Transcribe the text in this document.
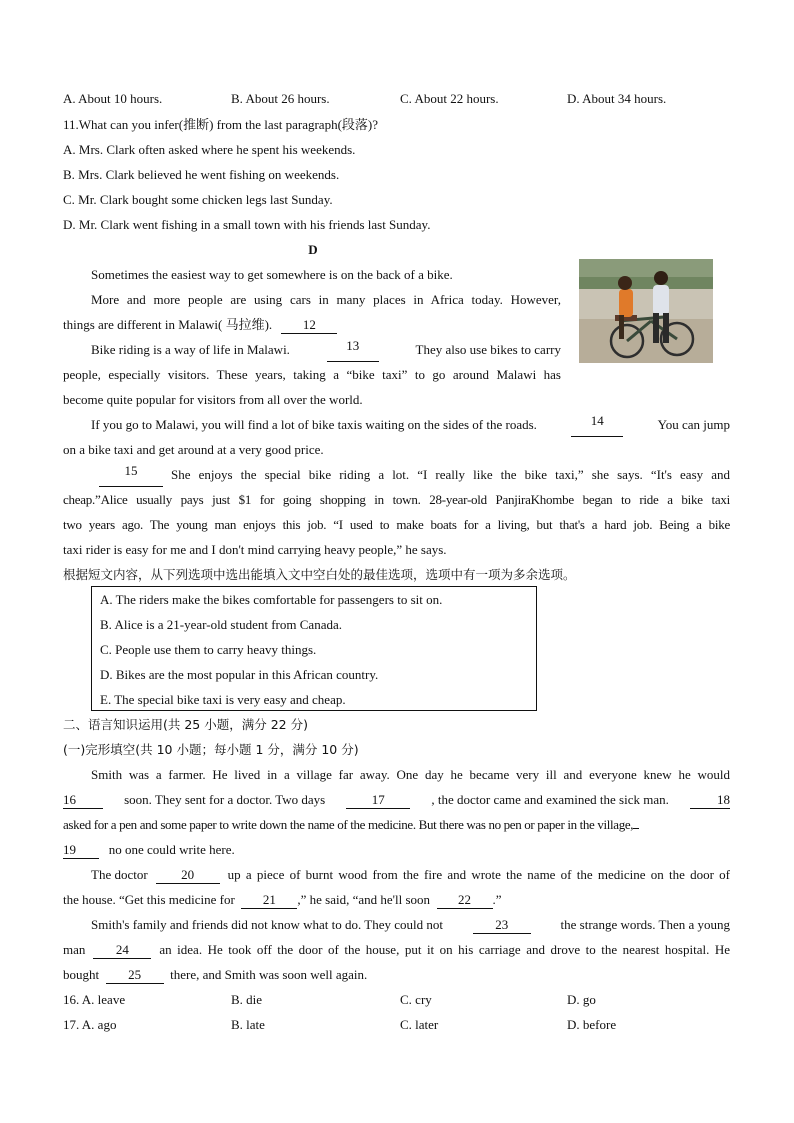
A. About 10 hours.	B. About 26 hours.	C. About 22 hours.	D. About 34 hours.
11.What can you infer(推断) from the last paragraph(段落)?
A. Mrs. Clark often asked where he spent his weekends.
B. Mrs. Clark believed he went fishing on weekends.
C. Mr. Clark bought some chicken legs last Sunday.
D. Mr. Clark went fishing in a small town with his friends last Sunday.
D
Sometimes the easiest way to get somewhere is on the back of a bike.
More and more people are using cars in many places in Africa today. However,
things are different in Malawi( 马拉维). 12
Bike riding is a way of life in Malawi.	13	They also use bikes to carry
people, especially visitors. These years, taking a “bike taxi” to go around Malawi has
become quite popular for visitors from all over the world.
If you go to Malawi, you will find a lot of bike taxis waiting on the sides of the roads.	14	You can jump
on a bike taxi and get around at a very good price.
15	She enjoys the special bike riding a lot. “I really like the bike taxi,” she says. “It's easy and
cheap.”Alice usually pays just $1 for going shopping in town. 28-year-old PanjiraKhombe began to ride a bike taxi
two years ago. The young man enjoys this job. “I used to make boats for a living, but that's a hard job. Being a bike
taxi rider is easy for me and I don't mind carrying heavy people,” he says.
根据短文内容，从下列选项中选出能填入文中空白处的最佳选项，选项中有一项为多余选项。
A. The riders make the bikes comfortable for passengers to sit on.
B. Alice is a 21-year-old student from Canada.
C. People use them to carry heavy things.
D. Bikes are the most popular in this African country.
E. The special bike taxi is very easy and cheap.
二、语言知识运用(共 25 小题，满分 22 分)
(一)完形填空(共 10 小题；每小题 1 分，满分 10 分)
Smith was a farmer. He lived in a village far away. One day he became very ill and everyone knew he would
16	soon. They sent for a doctor. Two days	17	, the doctor came and examined the sick man.	18
asked for a pen and some paper to write down the name of the medicine. But there was no pen or paper in the village,
19	no one could write here.
The doctor	20	up a piece of burnt wood from the fire and wrote the name of the medicine on the door of
the house. “Get this medicine for 21 ,” he said, “and he'll soon 22 .”
Smith's family and friends did not know what to do. They could not	23	the strange words. Then a young
man	24	an idea. He took off the door of the house, put it on his carriage and drove to the nearest hospital. He
bought 25 there, and Smith was soon well again.
16. A. leave	B. die	C. cry	D. go
17. A. ago	B. late	C. later	D. before
